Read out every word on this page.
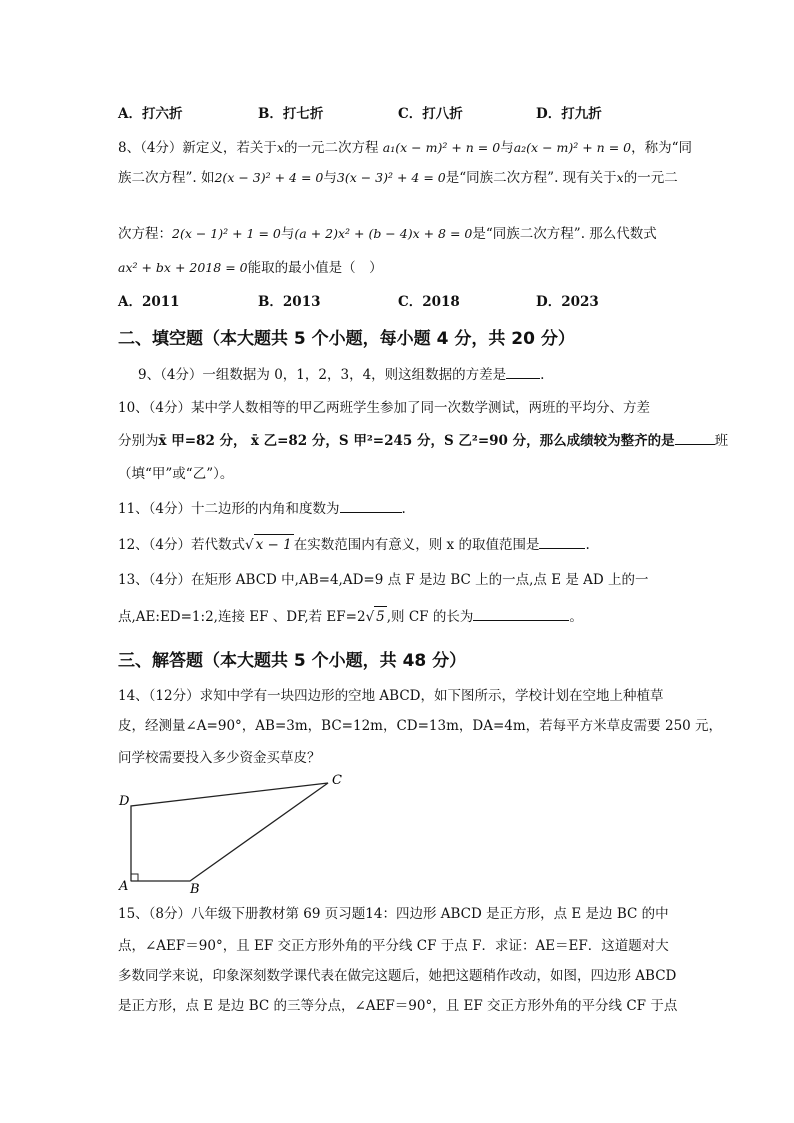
A．打六折	B．打七折	C．打八折	D．打九折
8、（4分）新定义，若关于x的一元二次方程 a₁(x − m)² + n = 0与a₂(x − m)² + n = 0，称为“同
族二次方程”. 如2(x − 3)² + 4 = 0与3(x − 3)² + 4 = 0是“同族二次方程”. 现有关于x的一元二
次方程：2(x − 1)² + 1 = 0与(a + 2)x² + (b − 4)x + 8 = 0是“同族二次方程”. 那么代数式
ax² + bx + 2018 = 0能取的最小值是（　）
A．2011	B．2013	C．2018	D．2023
二、填空题（本大题共 5 个小题，每小题 4 分，共 20 分）
9、（4分）一组数据为 0，1，2，3，4，则这组数据的方差是	.
10、（4分）某中学人数相等的甲乙两班学生参加了同一次数学测试，两班的平均分、方差
分别为x̄ 甲=82 分， x̄ 乙=82 分，S 甲²=245 分，S 乙²=90 分，那么成绩较为整齐的是	班
（填“甲”或“乙”）。
11、（4分）十二边形的内角和度数为	.
12、（4分）若代数式√ x − 1 在实数范围内有意义，则 x 的取值范围是	.
13、（4分）在矩形 ABCD 中,AB=4,AD=9 点 F 是边 BC 上的一点,点 E 是 AD 上的一
点,AE:ED=1:2,连接 EF 、DF,若 EF=2√ 5 ,则 CF 的长为	。
三、解答题（本大题共 5 个小题，共 48 分）
14、（12分）求知中学有一块四边形的空地 ABCD，如下图所示，学校计划在空地上种植草
皮，经测量∠A=90°，AB=3m，BC=12m，CD=13m，DA=4m，若每平方米草皮需要 250 元，
问学校需要投入多少资金买草皮？
A	B
C
D
15、（8分）八年级下册教材第 69 页习题14：四边形 ABCD 是正方形，点 E 是边 BC 的中
点，∠AEF＝90°，且 EF 交正方形外角的平分线 CF 于点 F．求证：AE＝EF．这道题对大
多数同学来说，印象深刻数学课代表在做完这题后，她把这题稍作改动，如图，四边形 ABCD
是正方形，点 E 是边 BC 的三等分点，∠AEF＝90°，且 EF 交正方形外角的平分线 CF 于点
